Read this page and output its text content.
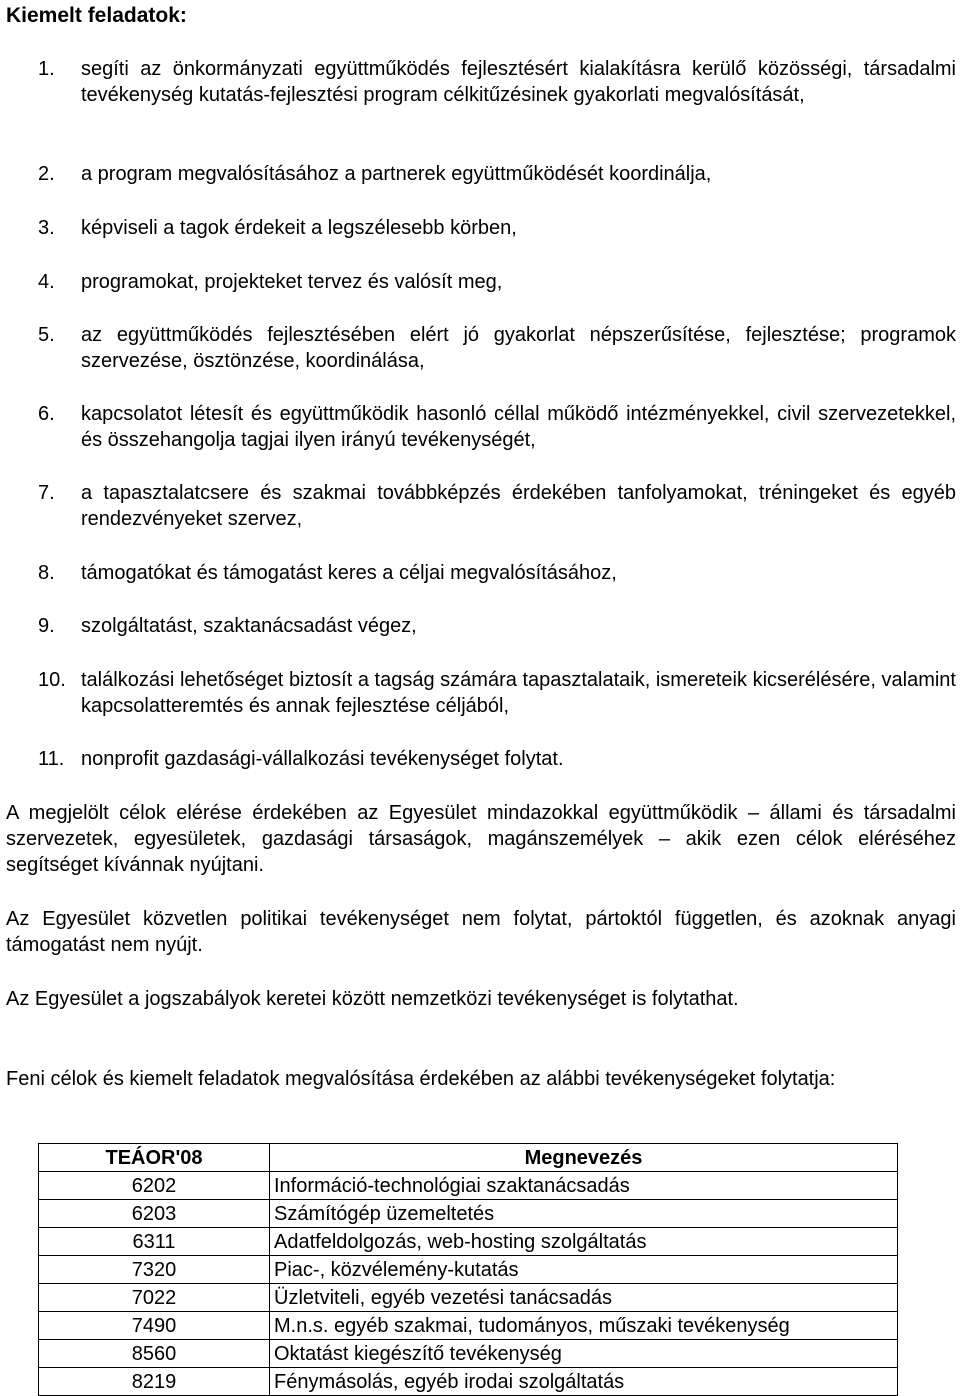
Kiemelt feladatok:
1. segíti az önkormányzati együttműködés fejlesztésért kialakításra kerülő közösségi, társadalmi tevékenység kutatás-fejlesztési program célkitűzésinek gyakorlati megvalósítását,
2. a program megvalósításához a partnerek együttműködését koordinálja,
3. képviseli a tagok érdekeit a legszélesebb körben,
4. programokat, projekteket tervez és valósít meg,
5. az együttműködés fejlesztésében elért jó gyakorlat népszerűsítése, fejlesztése; programok szervezése, ösztönzése, koordinálása,
6. kapcsolatot létesít és együttműködik hasonló céllal működő intézményekkel, civil szervezetekkel, és összehangolja tagjai ilyen irányú tevékenységét,
7. a tapasztalatcsere és szakmai továbbképzés érdekében tanfolyamokat, tréningeket és egyéb rendezvényeket szervez,
8. támogatókat és támogatást keres a céljai megvalósításához,
9. szolgáltatást, szaktanácsadást végez,
10. találkozási lehetőséget biztosít a tagság számára tapasztalataik, ismereteik kicserélésére, valamint kapcsolatteremtés és annak fejlesztése céljából,
11. nonprofit gazdasági-vállalkozási tevékenységet folytat.

A megjelölt célok elérése érdekében az Egyesület mindazokkal együttműködik – állami és társadalmi szervezetek, egyesületek, gazdasági társaságok, magánszemélyek – akik ezen célok eléréséhez segítséget kívánnak nyújtani.

Az Egyesület közvetlen politikai tevékenységet nem folytat, pártoktól független, és azoknak anyagi támogatást nem nyújt.

Az Egyesület a jogszabályok keretei között nemzetközi tevékenységet is folytathat.

Feni célok és kiemelt feladatok megvalósítása érdekében az alábbi tevékenységeket folytatja:

TEÁOR'08	Megnevezés
6202	Információ-technológiai szaktanácsadás
6203	Számítógép üzemeltetés
6311	Adatfeldolgozás, web-hosting szolgáltatás
7320	Piac-, közvélemény-kutatás
7022	Üzletviteli, egyéb vezetési tanácsadás
7490	M.n.s. egyéb szakmai, tudományos, műszaki tevékenység
8560	Oktatást kiegészítő tevékenység
8219	Fénymásolás, egyéb irodai szolgáltatás
